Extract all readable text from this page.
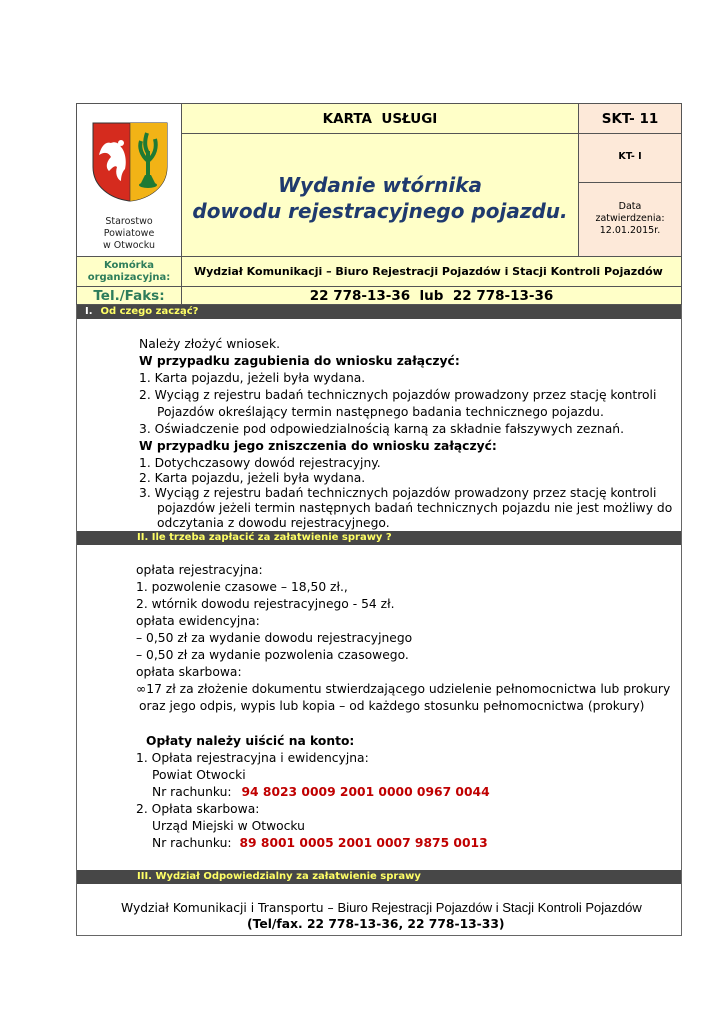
Starostwo
Powiatowe
w Otwocku
KARTA  USŁUGI	SKT- 11
Wydanie wtórnika
dowodu rejestracyjnego pojazdu.
KT- I
Data
zatwierdzenia:
12.01.2015r.
Komórka
organizacyjna:	Wydział Komunikacji – Biuro Rejestracji Pojazdów i Stacji Kontroli Pojazdów
Tel./Faks:	22 778-13-36  lub  22 778-13-36
I. Od czego zacząć?
Należy złożyć wniosek.
W przypadku zagubienia do wniosku załączyć:
1. Karta pojazdu, jeżeli była wydana.
2. Wyciąg z rejestru badań technicznych pojazdów prowadzony przez stację kontroli
Pojazdów określający termin następnego badania technicznego pojazdu.
3. Oświadczenie pod odpowiedzialnością karną za składnie fałszywych zeznań.
W przypadku jego zniszczenia do wniosku załączyć:
1. Dotychczasowy dowód rejestracyjny.
2. Karta pojazdu, jeżeli była wydana.
3. Wyciąg z rejestru badań technicznych pojazdów prowadzony przez stację kontroli
pojazdów jeżeli termin następnych badań technicznych pojazdu nie jest możliwy do
odczytania z dowodu rejestracyjnego.
II. Ile trzeba zapłacić za załatwienie sprawy ?
opłata rejestracyjna:
1. pozwolenie czasowe – 18,50 zł.,
2. wtórnik dowodu rejestracyjnego - 54 zł.
opłata ewidencyjna:
– 0,50 zł za wydanie dowodu rejestracyjnego
– 0,50 zł za wydanie pozwolenia czasowego.
opłata skarbowa:
∞17 zł za złożenie dokumentu stwierdzającego udzielenie pełnomocnictwa lub prokury
oraz jego odpis, wypis lub kopia – od każdego stosunku pełnomocnictwa (prokury)
Opłaty należy uiścić na konto:
1. Opłata rejestracyjna i ewidencyjna:
Powiat Otwocki
Nr rachunku: 94 8023 0009 2001 0000 0967 0044
2. Opłata skarbowa:
Urząd Miejski w Otwocku
Nr rachunku: 89 8001 0005 2001 0007 9875 0013
III. Wydział Odpowiedzialny za załatwienie sprawy
Wydział Komunikacji i Transportu – Biuro Rejestracji Pojazdów i Stacji Kontroli Pojazdów
(Tel/fax. 22 778-13-36, 22 778-13-33)
